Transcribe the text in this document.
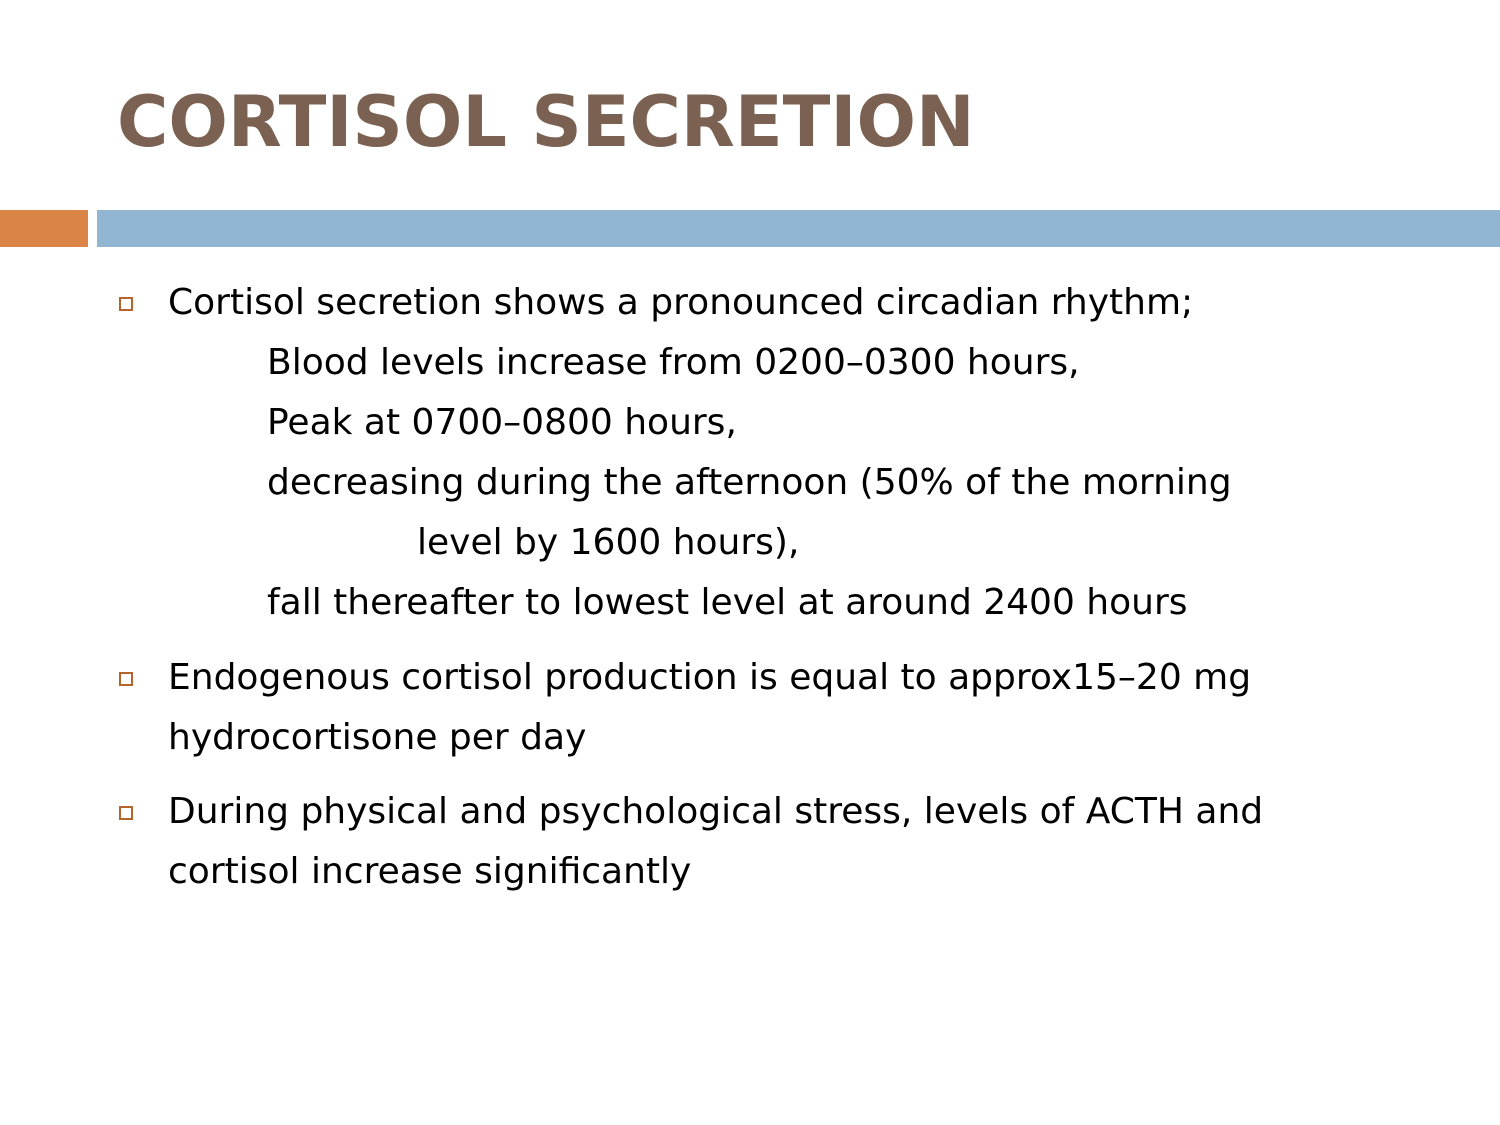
CORTISOL SECRETION
Cortisol secretion shows a pronounced circadian rhythm;
Blood levels increase from 0200–0300 hours,
Peak at 0700–0800 hours,
decreasing during the afternoon (50% of the morning
level by 1600 hours),
fall thereafter to lowest level at around 2400 hours
Endogenous cortisol production is equal to approx15–20 mg
hydrocortisone per day
During physical and psychological stress, levels of ACTH and
cortisol increase significantly
